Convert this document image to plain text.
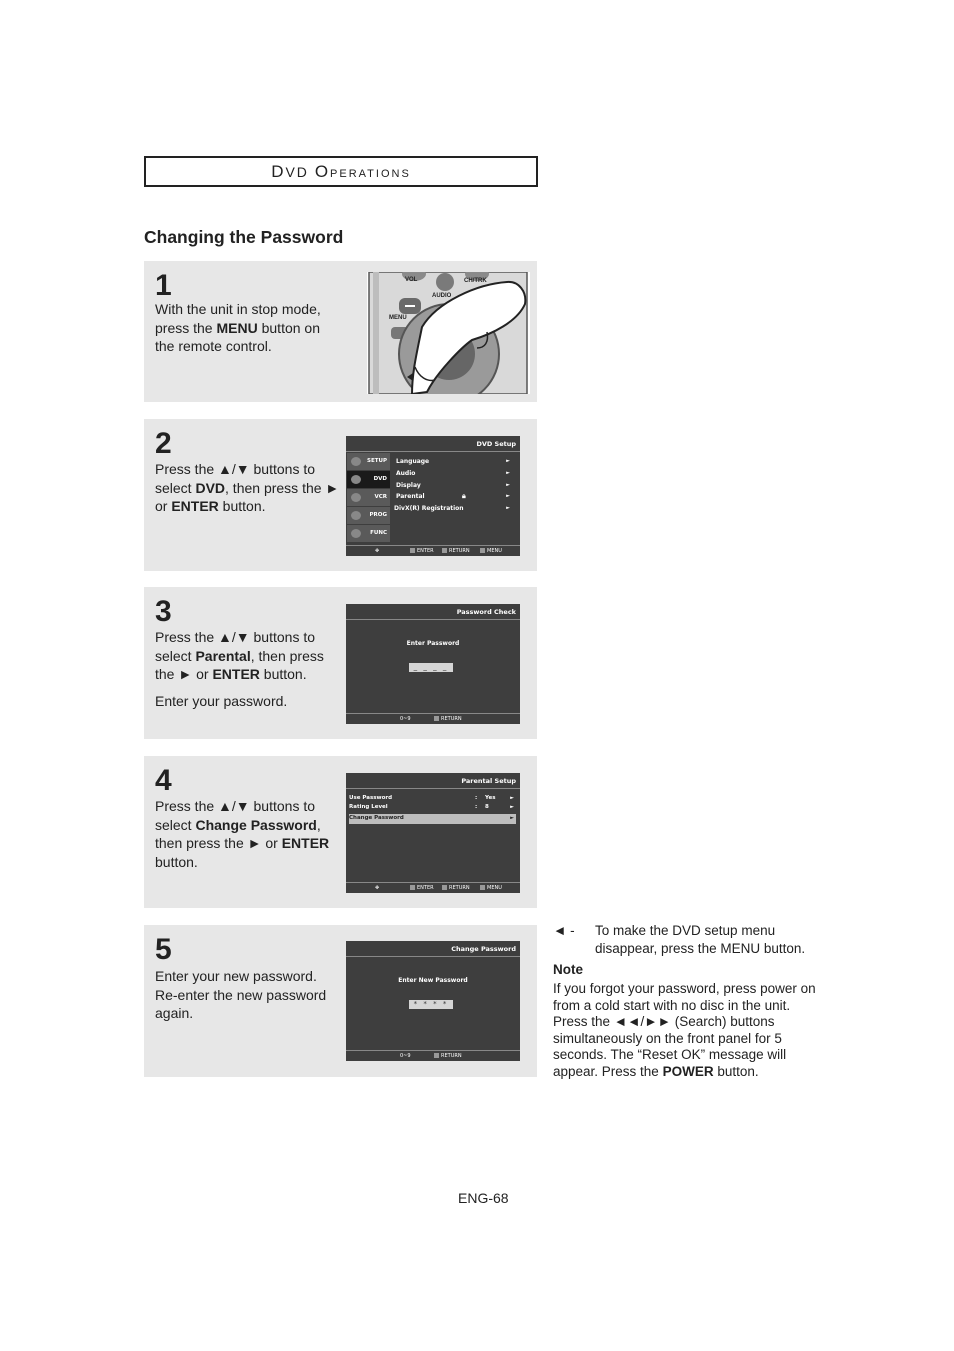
DVD OPERATIONS
Changing the Password
1
With the unit in stop mode, press the MENU button on the remote control.
VOL	CH/TRK
AUDIO
MENU
2
Press the ▲/▼ buttons to select DVD, then press the ► or ENTER button.
DVD Setup
SETUP
DVD
VCR
PROG
FUNC
Language	►
Audio	►
Display	►
Parental	🔒︎	►
DivX(R) Registration	►
✥	ENTER	RETURN	MENU
3

Press the ▲/▼ buttons to select Parental, then press the ► or ENTER button.

Enter your password.

Password Check
Enter Password
_ _ _ _
0~9	RETURN
4
Press the ▲/▼ buttons to select Change Password, then press the ► or ENTER button.
Parental Setup
Use Password	: Yes	►
Rating Level	: 8	►
Change Password	►
✥	ENTER	RETURN	MENU
5
Enter your new password. Re-enter the new password again.
Change Password
Enter New Password
* * * *
0~9	RETURN
◄ - To make the DVD setup menu disappear, press the MENU button.
Note
If you forgot your password, press power on from a cold start with no disc in the unit. Press the ◄◄/►► (Search) buttons simultaneously on the front panel for 5 seconds. The “Reset OK” message will appear. Press the POWER button.
ENG-68
